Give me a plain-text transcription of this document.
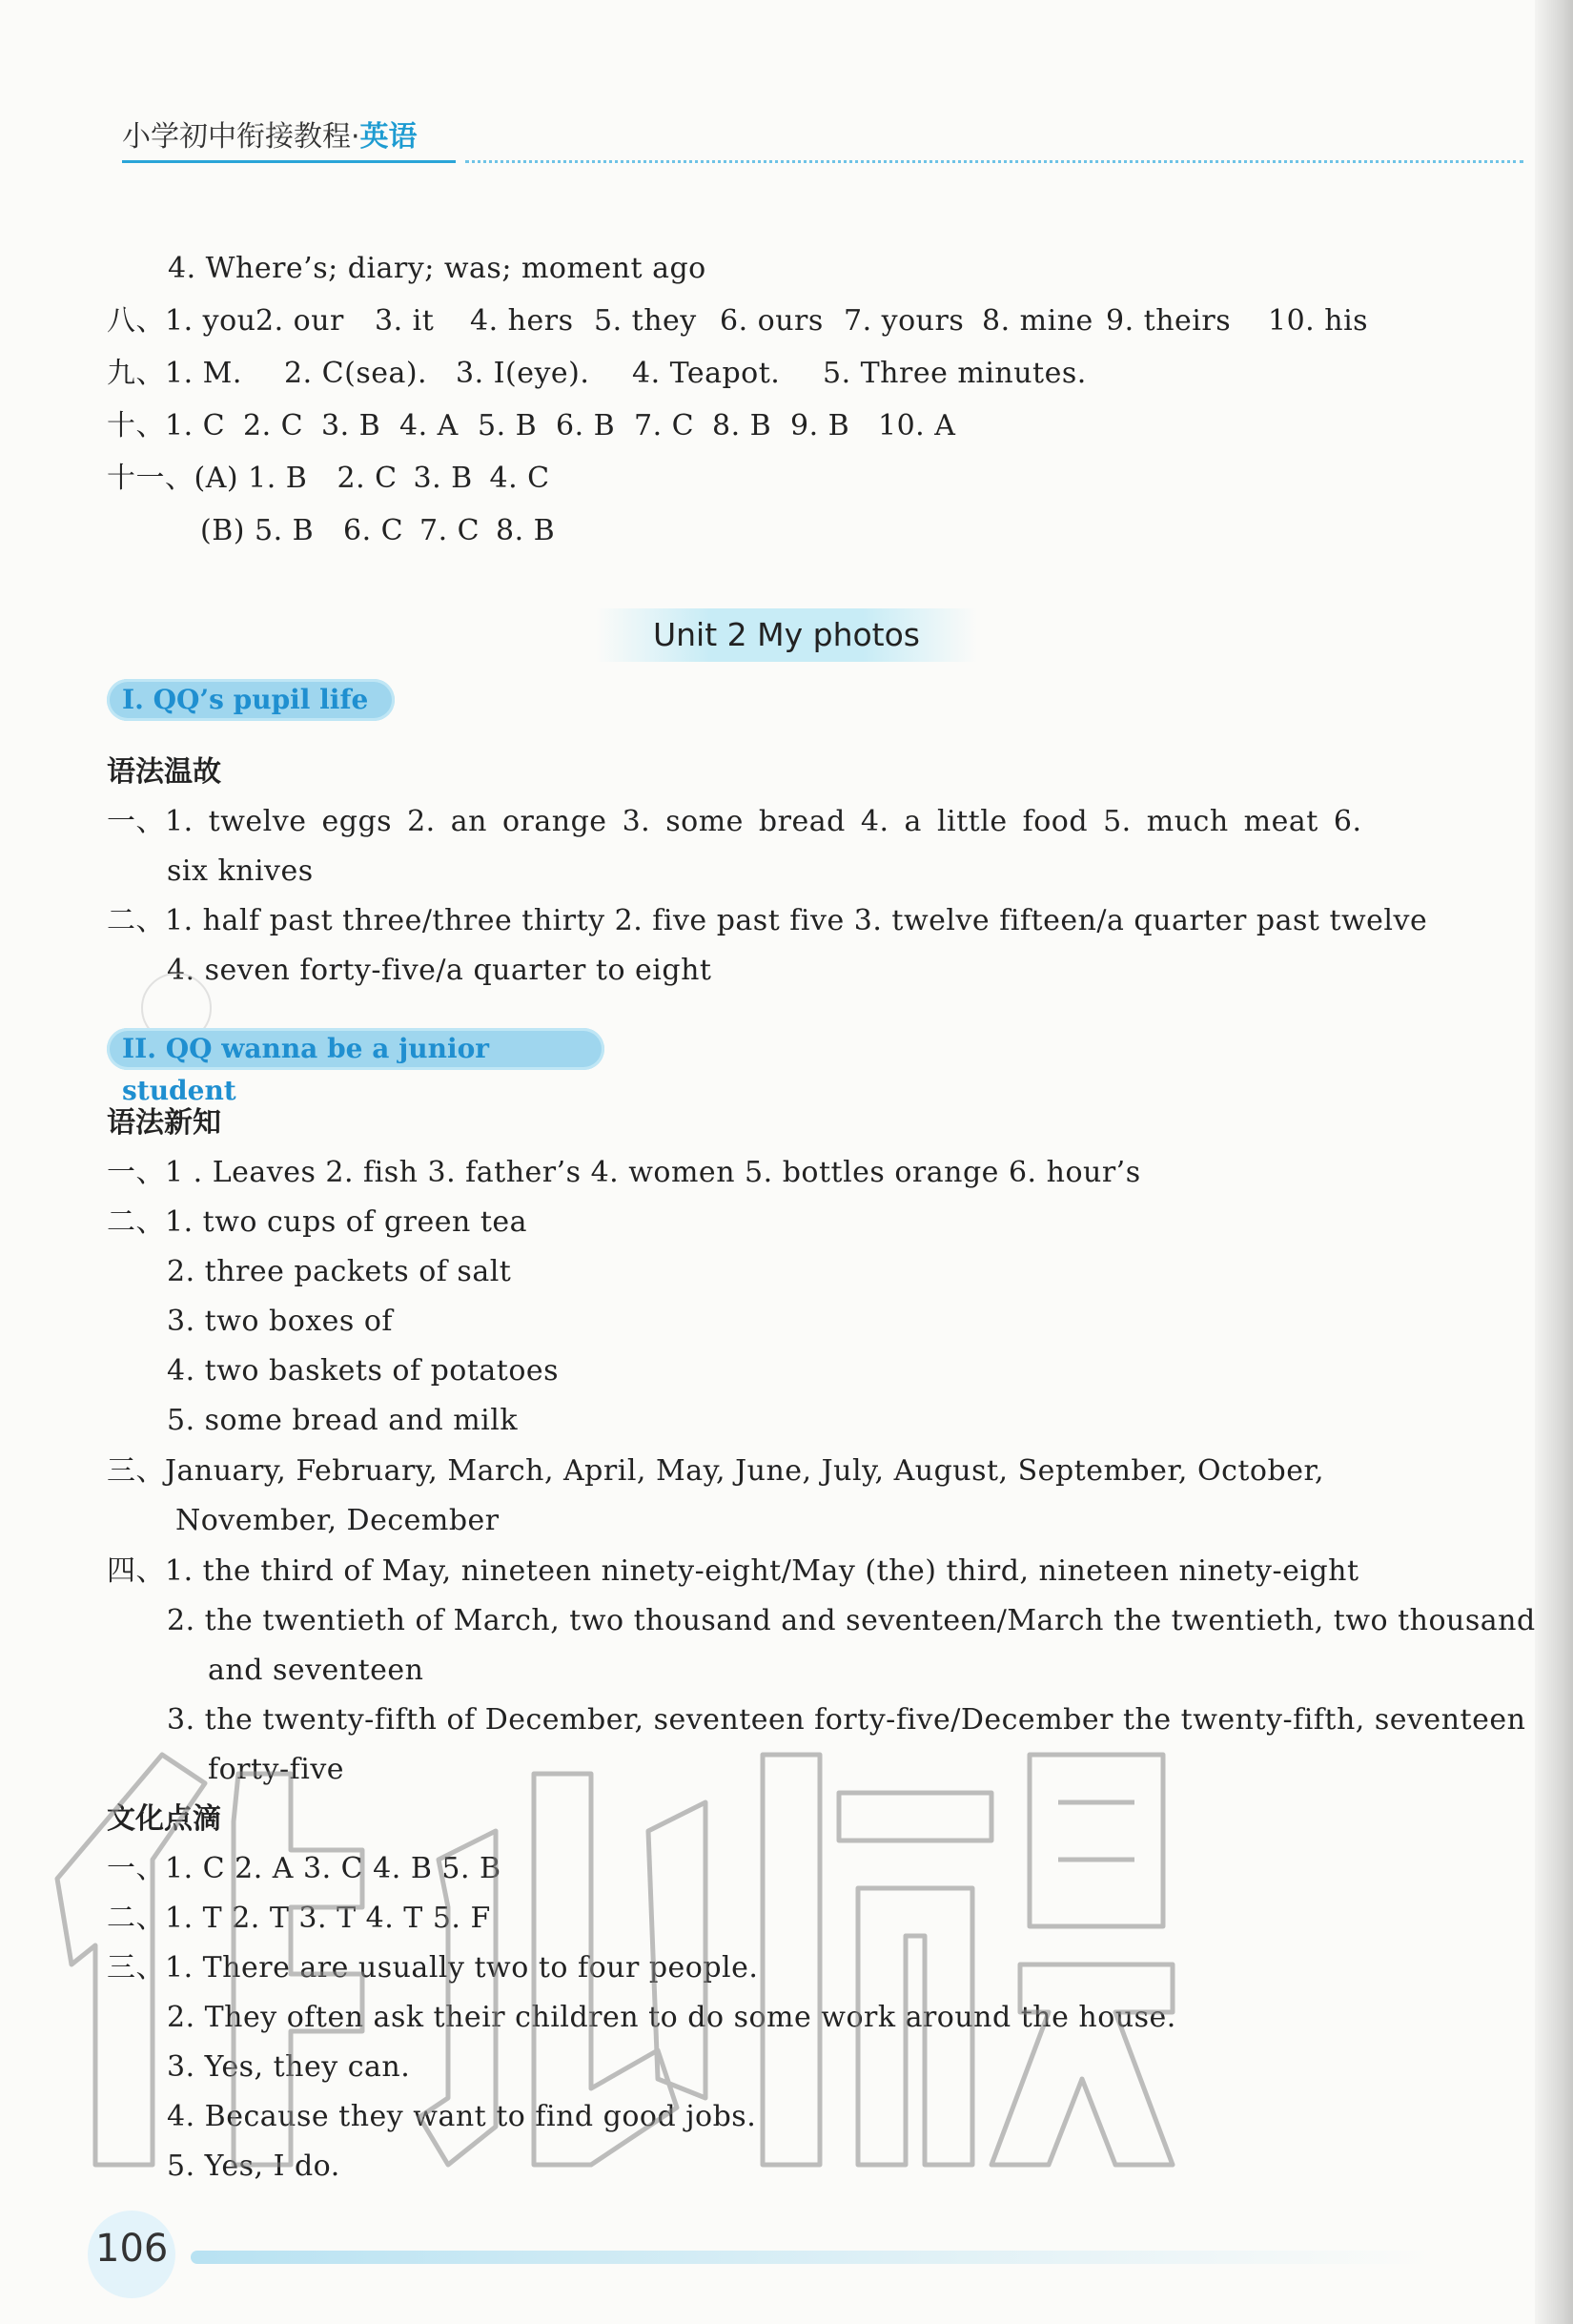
小学初中衔接教程·英语
4. Where’s; diary; was; moment ago
八、1. you2. our 3. it 4. hers 5. they 6. ours 7. yours 8. mine 9. theirs 10. his
九、1. M. 2. C(sea). 3. I(eye). 4. Teapot. 5. Three minutes.
十、1. C 2. C 3. B 4. A 5. B 6. B 7. C 8. B 9. B 10. A
十一、(A) 1. B 2. C 3. B 4. C
(B) 5. B 6. C 7. C 8. B
Unit 2 My photos
I. QQ’s pupil life
语法温故
一、1. twelve eggs 2. an orange 3. some bread 4. a little food 5. much meat 6.
six knives
二、1. half past three/three thirty 2. five past five 3. twelve fifteen/a quarter past twelve
4. seven forty-five/a quarter to eight
II. QQ wanna be a junior student
语法新知
一、1 . Leaves 2. fish 3. father’s 4. women 5. bottles orange 6. hour’s
二、1. two cups of green tea
2. three packets of salt
3. two boxes of
4. two baskets of potatoes
5. some bread and milk
三、January, February, March, April, May, June, July, August, September, October,
November, December
四、1. the third of May, nineteen ninety-eight/May (the) third, nineteen ninety-eight
2. the twentieth of March, two thousand and seventeen/March the twentieth, two thousand
and seventeen
3. the twenty-fifth of December, seventeen forty-five/December the twenty-fifth, seventeen
forty-five
文化点滴
一、1. C 2. A 3. C 4. B 5. B
二、1. T 2. T 3. T 4. T 5. F
三、1. There are usually two to four people.
2. They often ask their children to do some work around the house.
3. Yes, they can.
4. Because they want to find good jobs.
5. Yes, I do.
106
